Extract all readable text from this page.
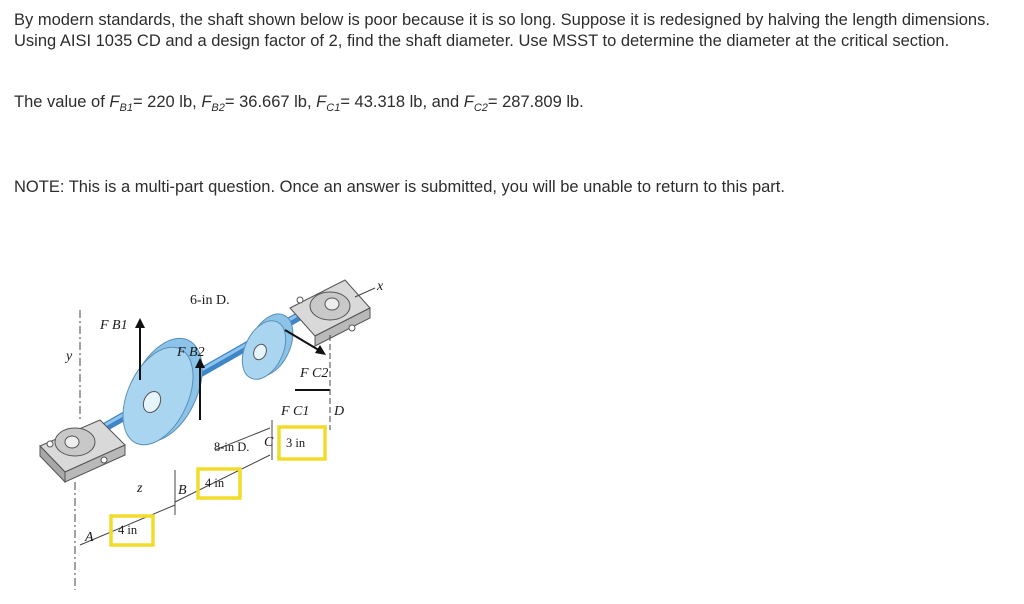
By modern standards, the shaft shown below is poor because it is so long. Suppose it is redesigned by halving the length dimensions. Using AISI 1035 CD and a design factor of 2, find the shaft diameter. Use MSST to determine the diameter at the critical section.

The value of $F_{B1}= 220$ lb, $F_{B2}= 36.667$ lb, $F_{C1}= 43.318$ lb, and $F_{C2}= 287.809$ lb.

NOTE: This is a multi-part question. Once an answer is submitted, you will be unable to return to this part.

6-in D.
F B1
F B2
F C2
F C1 D
C 3 in
8-in D.
4 in
B
A 4 in
x
y
z
